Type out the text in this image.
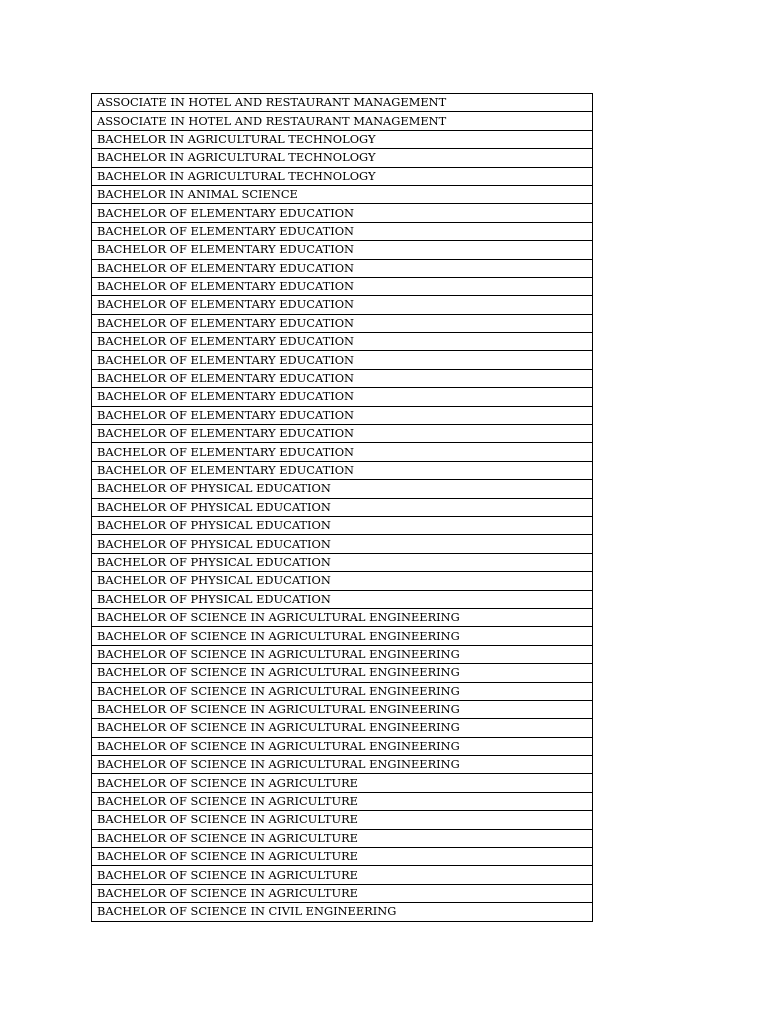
ASSOCIATE IN HOTEL AND RESTAURANT MANAGEMENT
ASSOCIATE IN HOTEL AND RESTAURANT MANAGEMENT
BACHELOR IN AGRICULTURAL TECHNOLOGY
BACHELOR IN AGRICULTURAL TECHNOLOGY
BACHELOR IN AGRICULTURAL TECHNOLOGY
BACHELOR IN ANIMAL SCIENCE
BACHELOR OF ELEMENTARY EDUCATION
BACHELOR OF ELEMENTARY EDUCATION
BACHELOR OF ELEMENTARY EDUCATION
BACHELOR OF ELEMENTARY EDUCATION
BACHELOR OF ELEMENTARY EDUCATION
BACHELOR OF ELEMENTARY EDUCATION
BACHELOR OF ELEMENTARY EDUCATION
BACHELOR OF ELEMENTARY EDUCATION
BACHELOR OF ELEMENTARY EDUCATION
BACHELOR OF ELEMENTARY EDUCATION
BACHELOR OF ELEMENTARY EDUCATION
BACHELOR OF ELEMENTARY EDUCATION
BACHELOR OF ELEMENTARY EDUCATION
BACHELOR OF ELEMENTARY EDUCATION
BACHELOR OF ELEMENTARY EDUCATION
BACHELOR OF PHYSICAL EDUCATION
BACHELOR OF PHYSICAL EDUCATION
BACHELOR OF PHYSICAL EDUCATION
BACHELOR OF PHYSICAL EDUCATION
BACHELOR OF PHYSICAL EDUCATION
BACHELOR OF PHYSICAL EDUCATION
BACHELOR OF PHYSICAL EDUCATION
BACHELOR OF SCIENCE IN AGRICULTURAL ENGINEERING
BACHELOR OF SCIENCE IN AGRICULTURAL ENGINEERING
BACHELOR OF SCIENCE IN AGRICULTURAL ENGINEERING
BACHELOR OF SCIENCE IN AGRICULTURAL ENGINEERING
BACHELOR OF SCIENCE IN AGRICULTURAL ENGINEERING
BACHELOR OF SCIENCE IN AGRICULTURAL ENGINEERING
BACHELOR OF SCIENCE IN AGRICULTURAL ENGINEERING
BACHELOR OF SCIENCE IN AGRICULTURAL ENGINEERING
BACHELOR OF SCIENCE IN AGRICULTURAL ENGINEERING
BACHELOR OF SCIENCE IN AGRICULTURE
BACHELOR OF SCIENCE IN AGRICULTURE
BACHELOR OF SCIENCE IN AGRICULTURE
BACHELOR OF SCIENCE IN AGRICULTURE
BACHELOR OF SCIENCE IN AGRICULTURE
BACHELOR OF SCIENCE IN AGRICULTURE
BACHELOR OF SCIENCE IN AGRICULTURE
BACHELOR OF SCIENCE IN CIVIL ENGINEERING
